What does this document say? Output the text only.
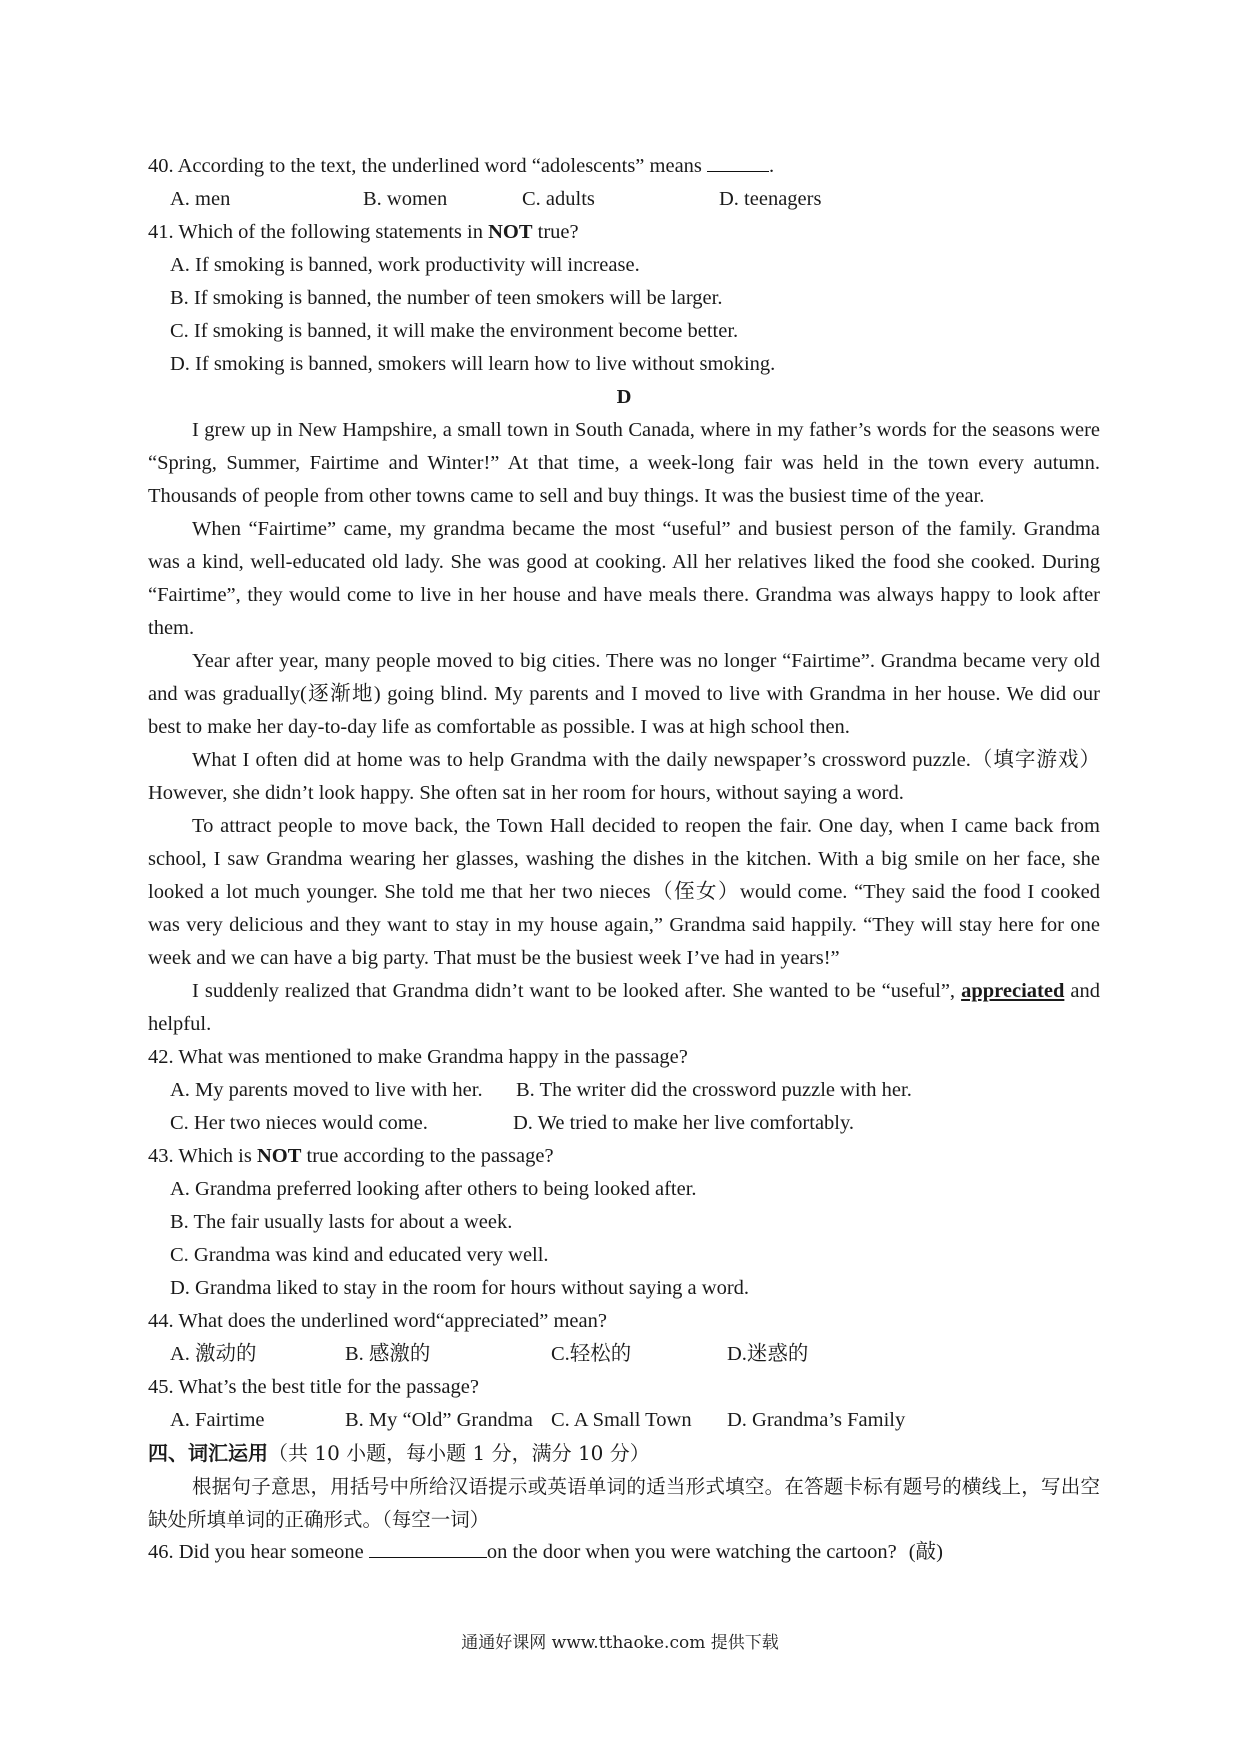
40. According to the text, the underlined word “adolescents” means	.
A. men	B. women	C. adults	D. teenagers
41. Which of the following statements in NOT true?
A. If smoking is banned, work productivity will increase.
B. If smoking is banned, the number of teen smokers will be larger.
C. If smoking is banned, it will make the environment become better.
D. If smoking is banned, smokers will learn how to live without smoking.
D

I grew up in New Hampshire, a small town in South Canada, where in my father’s words for the seasons were “Spring, Summer, Fairtime and Winter!” At that time, a week-long fair was held in the town every autumn. Thousands of people from other towns came to sell and buy things. It was the busiest time of the year.

When “Fairtime” came, my grandma became the most “useful” and busiest person of the family. Grandma was a kind, well-educated old lady. She was good at cooking. All her relatives liked the food she cooked. During “Fairtime”, they would come to live in her house and have meals there. Grandma was always happy to look after them.

Year after year, many people moved to big cities. There was no longer “Fairtime”. Grandma became very old and was gradually(逐渐地) going blind. My parents and I moved to live with Grandma in her house. We did our best to make her day-to-day life as comfortable as possible. I was at high school then.

What I often did at home was to help Grandma with the daily newspaper’s crossword puzzle.（填字游戏） However, she didn’t look happy. She often sat in her room for hours, without saying a word.

To attract people to move back, the Town Hall decided to reopen the fair. One day, when I came back from school, I saw Grandma wearing her glasses, washing the dishes in the kitchen. With a big smile on her face, she looked a lot much younger. She told me that her two nieces（侄女）would come. “They said the food I cooked was very delicious and they want to stay in my house again,” Grandma said happily. “They will stay here for one week and we can have a big party. That must be the busiest week I’ve had in years!”

I suddenly realized that Grandma didn’t want to be looked after. She wanted to be “useful”, appreciated and helpful.

42. What was mentioned to make Grandma happy in the passage?
A. My parents moved to live with her.	B. The writer did the crossword puzzle with her.
C. Her two nieces would come.	D. We tried to make her live comfortably.
43. Which is NOT true according to the passage?
A. Grandma preferred looking after others to being looked after.
B. The fair usually lasts for about a week.
C. Grandma was kind and educated very well.
D. Grandma liked to stay in the room for hours without saying a word.
44. What does the underlined word“appreciated” mean?
A. 激动的	B. 感激的	C.轻松的	D.迷惑的
45. What’s the best title for the passage?
A. Fairtime	B. My “Old” Grandma C. A Small Town	D. Grandma’s Family
四、词汇运用（共 10 小题，每小题 1 分，满分 10 分）

根据句子意思，用括号中所给汉语提示或英语单词的适当形式填空。在答题卡标有题号的横线上，写出空缺处所填单词的正确形式。（每空一词）

46. Did you hear someone	on the door when you were watching the cartoon? (敲)
通通好课网 www.tthaoke.com 提供下载
